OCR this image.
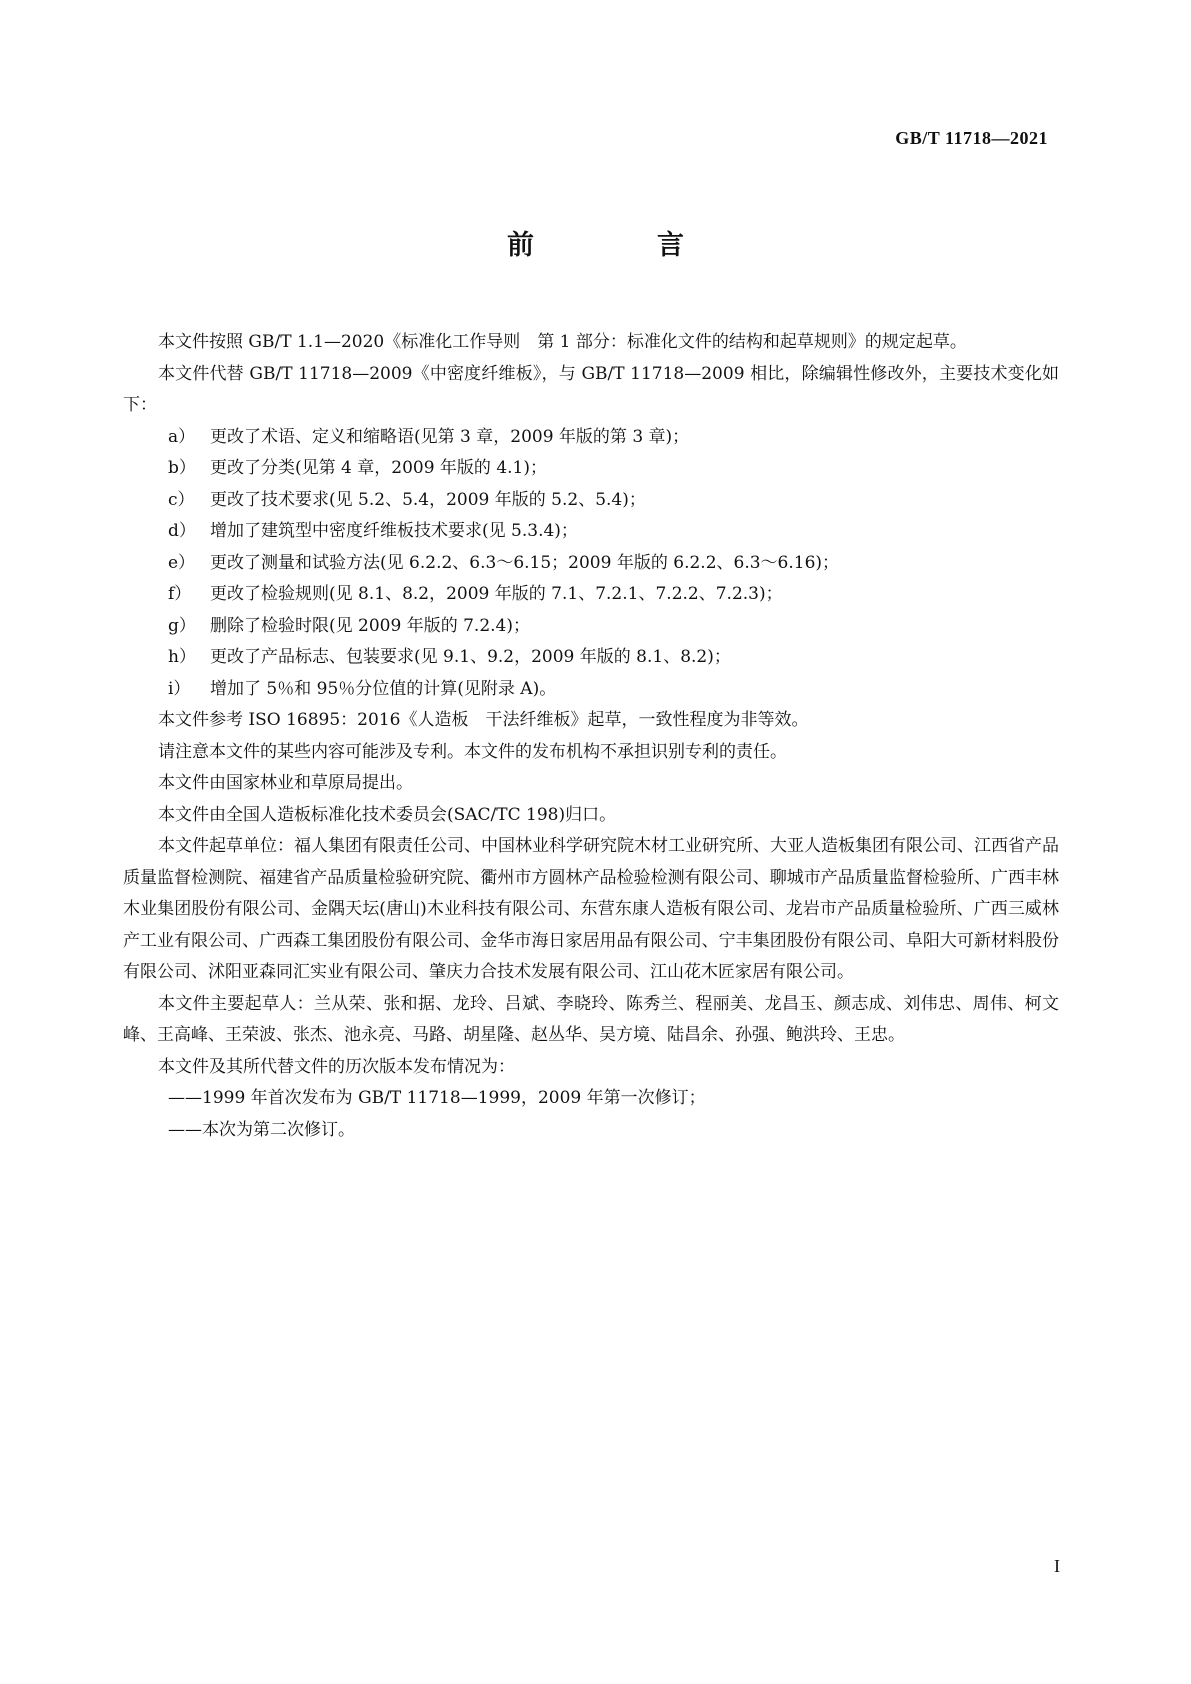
GB/T 11718—2021
前　言

本文件按照 GB/T 1.1—2020《标准化工作导则　第 1 部分：标准化文件的结构和起草规则》的规定起草。

本文件代替 GB/T 11718—2009《中密度纤维板》，与 GB/T 11718—2009 相比，除编辑性修改外，主要技术变化如下：

a） 更改了术语、定义和缩略语(见第 3 章，2009 年版的第 3 章)；

b） 更改了分类(见第 4 章，2009 年版的 4.1)；

c） 更改了技术要求(见 5.2、5.4，2009 年版的 5.2、5.4)；

d） 增加了建筑型中密度纤维板技术要求(见 5.3.4)；

e） 更改了测量和试验方法(见 6.2.2、6.3～6.15；2009 年版的 6.2.2、6.3～6.16)；

f） 更改了检验规则(见 8.1、8.2，2009 年版的 7.1、7.2.1、7.2.2、7.2.3)；

g） 删除了检验时限(见 2009 年版的 7.2.4)；

h） 更改了产品标志、包装要求(见 9.1、9.2，2009 年版的 8.1、8.2)；

i） 增加了 5％和 95％分位值的计算(见附录 A)。

本文件参考 ISO 16895：2016《人造板　干法纤维板》起草，一致性程度为非等效。

请注意本文件的某些内容可能涉及专利。本文件的发布机构不承担识别专利的责任。

本文件由国家林业和草原局提出。

本文件由全国人造板标准化技术委员会(SAC/TC 198)归口。

本文件起草单位：福人集团有限责任公司、中国林业科学研究院木材工业研究所、大亚人造板集团有限公司、江西省产品质量监督检测院、福建省产品质量检验研究院、衢州市方圆林产品检验检测有限公司、聊城市产品质量监督检验所、广西丰林木业集团股份有限公司、金隅天坛(唐山)木业科技有限公司、东营东康人造板有限公司、龙岩市产品质量检验所、广西三威林产工业有限公司、广西森工集团股份有限公司、金华市海日家居用品有限公司、宁丰集团股份有限公司、阜阳大可新材料股份有限公司、沭阳亚森同汇实业有限公司、肇庆力合技术发展有限公司、江山花木匠家居有限公司。

本文件主要起草人：兰从荣、张和据、龙玲、吕斌、李晓玲、陈秀兰、程丽美、龙昌玉、颜志成、刘伟忠、周伟、柯文峰、王高峰、王荣波、张杰、池永亮、马路、胡星隆、赵丛华、吴方境、陆昌余、孙强、鲍洪玲、王忠。

本文件及其所代替文件的历次版本发布情况为：

——1999 年首次发布为 GB/T 11718—1999，2009 年第一次修订；

——本次为第二次修订。

I
